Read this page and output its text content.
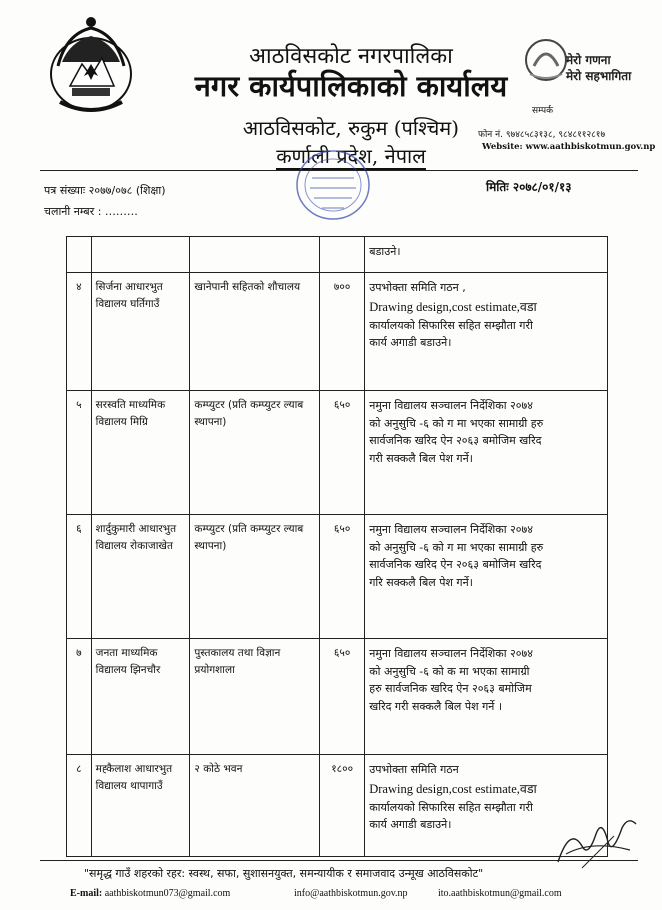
आठविसकोट नगरपालिका
नगर कार्यपालिकाको कार्यालय
आठविसकोट, रुकुम (पश्चिम)
कर्णाली प्रदेश, नेपाल
मेरो गणना
मेरो सहभागिता
सम्पर्क
फोन नं. ९७४८५८३१३८, ९८४८११२८१७
Website: www.aathbiskotmun.gov.np
पत्र संख्याः २०७७/०७८ (शिक्षा)
चलानी नम्बर : ………
मितिः २०७८/०१/१३

				बडाउने।

४	सिर्जना आधारभुत विद्यालय घर्तिगाउँ	खानेपानी सहितको शौचालय	७००	उपभोक्ता समिति गठन ,
Drawing design,cost estimate,वडा
कार्यालयको सिफारिस सहित सम्झौता गरी
कार्य अगाडी बडाउने।

५	सरस्वति माध्यमिक विद्यालय मिग्रि	कम्प्युटर (प्रति कम्प्युटर ल्याब स्थापना)	६५०	नमुना विद्यालय सञ्चालन निर्देशिका २०७४
को अनुसुचि -६ को ग मा भएका सामाग्री हरु
सार्वजनिक खरिद ऐन २०६३ बमोजिम खरिद
गरी सक्कलै बिल पेश गर्ने।

६	शार्दुकुमारी आधारभुत विद्यालय रोकाजाखेत	कम्प्युटर (प्रति कम्प्युटर ल्याब स्थापना)	६५०	नमुना विद्यालय सञ्चालन निर्देशिका २०७४
को अनुसुचि -६ को ग मा भएका सामाग्री हरु
सार्वजनिक खरिद ऐन २०६३ बमोजिम खरिद
गरि सक्कलै बिल पेश गर्ने।

७	जनता माध्यमिक विद्यालय झिनचौर	पुस्तकालय तथा विज्ञान प्रयोगशाला	६५०	नमुना विद्यालय सञ्चालन निर्देशिका २०७४
को अनुसुचि -६ को क मा भएका सामाग्री
हरु सार्वजनिक खरिद ऐन २०६३ बमोजिम
खरिद गरी सक्कलै बिल पेश गर्ने ।

८	मह्कैलाश आधारभुत विद्यालय थापागाउँ	२ कोठे भवन	१८००	उपभोक्ता समिति गठन
Drawing design,cost estimate,वडा
कार्यालयको सिफारिस सहित सम्झौता गरी
कार्य अगाडी बडाउने।
"समृद्ध गाउँ शहरको रहर: स्वस्थ, सफा, सुशासनयुक्त, समन्यायीक र समाजवाद उन्मूख आठविसकोट"
E-mail: aathbiskotmun073@gmail.com	info@aathbiskotmun.gov.np	ito.aathbiskotmun@gmail.com
